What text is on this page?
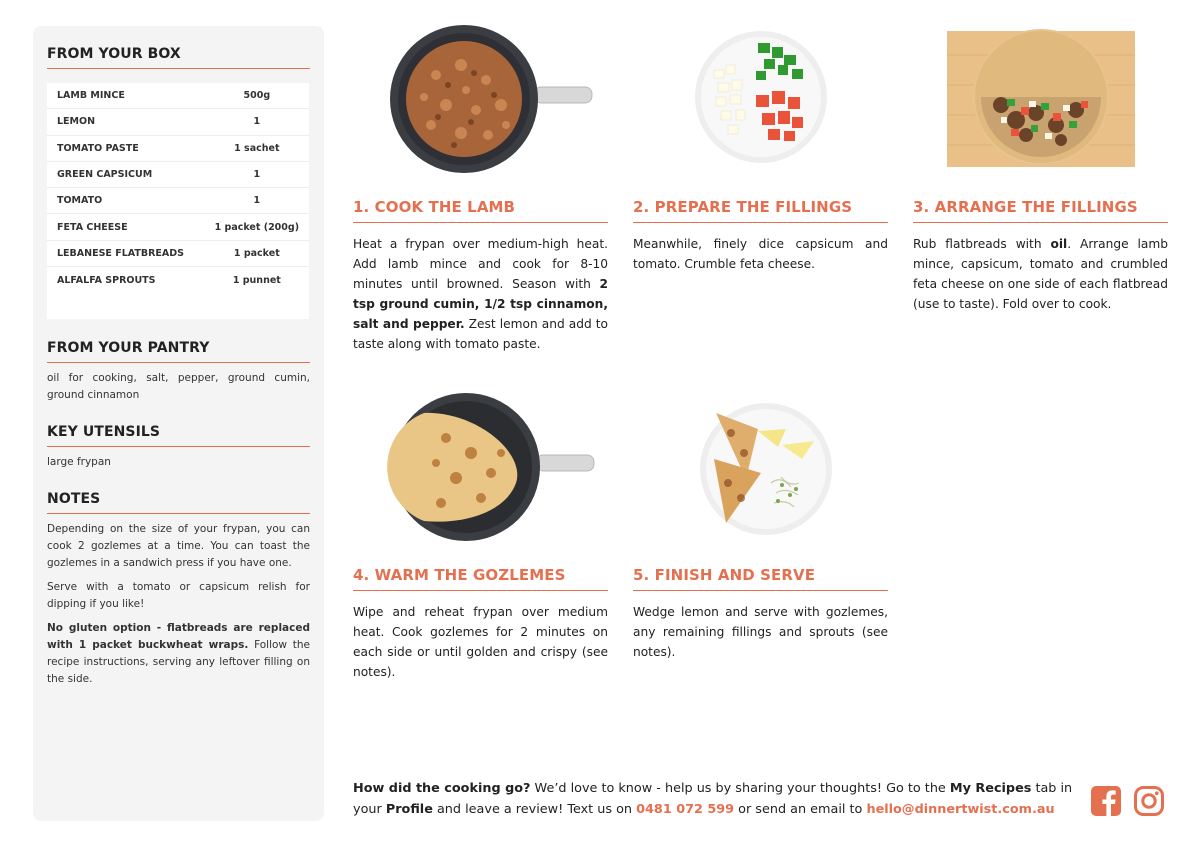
FROM YOUR BOX
LAMB MINCE	500g
LEMON	1
TOMATO PASTE	1 sachet
GREEN CAPSICUM	1
TOMATO	1
FETA CHEESE	1 packet (200g)
LEBANESE FLATBREADS	1 packet
ALFALFA SPROUTS	1 punnet
FROM YOUR PANTRY

oil for cooking, salt, pepper, ground cumin, ground cinnamon

KEY UTENSILS

large frypan

NOTES

Depending on the size of your frypan, you can cook 2 gozlemes at a time. You can toast the gozlemes in a sandwich press if you have one.

Serve with a tomato or capsicum relish for dipping if you like!

No gluten option - flatbreads are replaced with 1 packet buckwheat wraps. Follow the recipe instructions, serving any leftover filling on the side.

1. COOK THE LAMB

Heat a frypan over medium-high heat. Add lamb mince and cook for 8-10 minutes until browned. Season with 2 tsp ground cumin, 1/2 tsp cinnamon, salt and pepper. Zest lemon and add to taste along with tomato paste.

2. PREPARE THE FILLINGS

Meanwhile, finely dice capsicum and tomato. Crumble feta cheese.

3. ARRANGE THE FILLINGS

Rub flatbreads with oil. Arrange lamb mince, capsicum, tomato and crumbled feta cheese on one side of each flatbread (use to taste). Fold over to cook.

4. WARM THE GOZLEMES

Wipe and reheat frypan over medium heat. Cook gozlemes for 2 minutes on each side or until golden and crispy (see notes).

5. FINISH AND SERVE

Wedge lemon and serve with gozlemes, any remaining fillings and sprouts (see notes).

How did the cooking go? We’d love to know - help us by sharing your thoughts! Go to the My Recipes tab in your Profile and leave a review! Text us on 0481 072 599 or send an email to hello@dinnertwist.com.au
